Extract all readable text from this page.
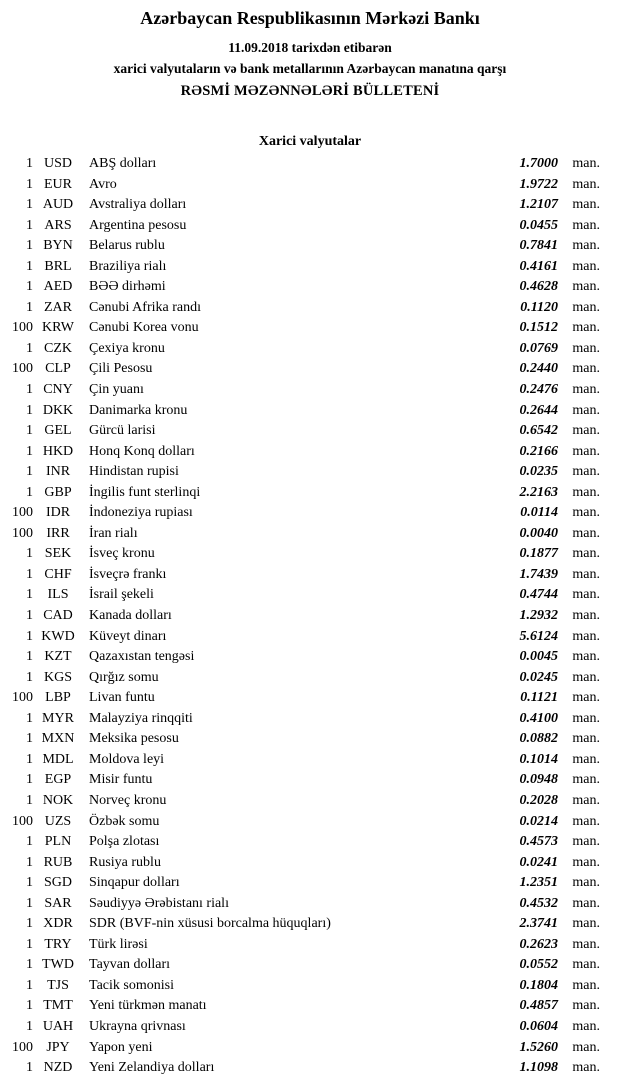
Azərbaycan Respublikasının Mərkəzi Bankı
11.09.2018 tarixdən etibarən
xarici valyutaların və bank metallarının Azərbaycan manatına qarşı
RƏSMİ MƏZƏNNƏLƏRİ BÜLLETENİ
Xarici valyutalar
1 USD	ABŞ dolları	1.7000	man.
1 EUR	Avro	1.9722	man.
1 AUD	Avstraliya dolları	1.2107	man.
1 ARS	Argentina pesosu	0.0455	man.
1 BYN	Belarus rublu	0.7841	man.
1 BRL	Braziliya rialı	0.4161	man.
1 AED	BƏƏ dirhəmi	0.4628	man.
1 ZAR	Cənubi Afrika randı	0.1120	man.
100 KRW	Cənubi Korea vonu	0.1512	man.
1 CZK	Çexiya kronu	0.0769	man.
100 CLP	Çili Pesosu	0.2440	man.
1 CNY	Çin yuanı	0.2476	man.
1 DKK	Danimarka kronu	0.2644	man.
1 GEL	Gürcü larisi	0.6542	man.
1 HKD	Honq Konq dolları	0.2166	man.
1 INR	Hindistan rupisi	0.0235	man.
1 GBP	İngilis funt sterlinqi	2.2163	man.
100 IDR	İndoneziya rupiası	0.0114	man.
100 IRR	İran rialı	0.0040	man.
1 SEK	İsveç kronu	0.1877	man.
1 CHF	İsveçrə frankı	1.7439	man.
1	ILS	İsrail şekeli	0.4744	man.
1 CAD	Kanada dolları	1.2932	man.
1 KWD	Küveyt dinarı	5.6124	man.
1 KZT	Qazaxıstan tengəsi	0.0045	man.
1 KGS	Qırğız somu	0.0245	man.
100 LBP	Livan funtu	0.1121	man.
1 MYR	Malayziya rinqqiti	0.4100	man.
1 MXN	Meksika pesosu	0.0882	man.
1 MDL	Moldova leyi	0.1014	man.
1 EGP	Misir funtu	0.0948	man.
1 NOK	Norveç kronu	0.2028	man.
100 UZS	Özbək somu	0.0214	man.
1 PLN	Polşa zlotası	0.4573	man.
1 RUB	Rusiya rublu	0.0241	man.
1 SGD	Sinqapur dolları	1.2351	man.
1 SAR	Səudiyyə Ərəbistanı rialı	0.4532	man.
1 XDR	SDR (BVF-nin xüsusi borcalma hüquqları)	2.3741	man.
1 TRY	Türk lirəsi	0.2623	man.
1 TWD	Tayvan dolları	0.0552	man.
1	TJS	Tacik somonisi	0.1804	man.
1 TMT	Yeni türkmən manatı	0.4857	man.
1 UAH	Ukrayna qrivnası	0.0604	man.
100 JPY	Yapon yeni	1.5260	man.
1 NZD	Yeni Zelandiya dolları	1.1098	man.
